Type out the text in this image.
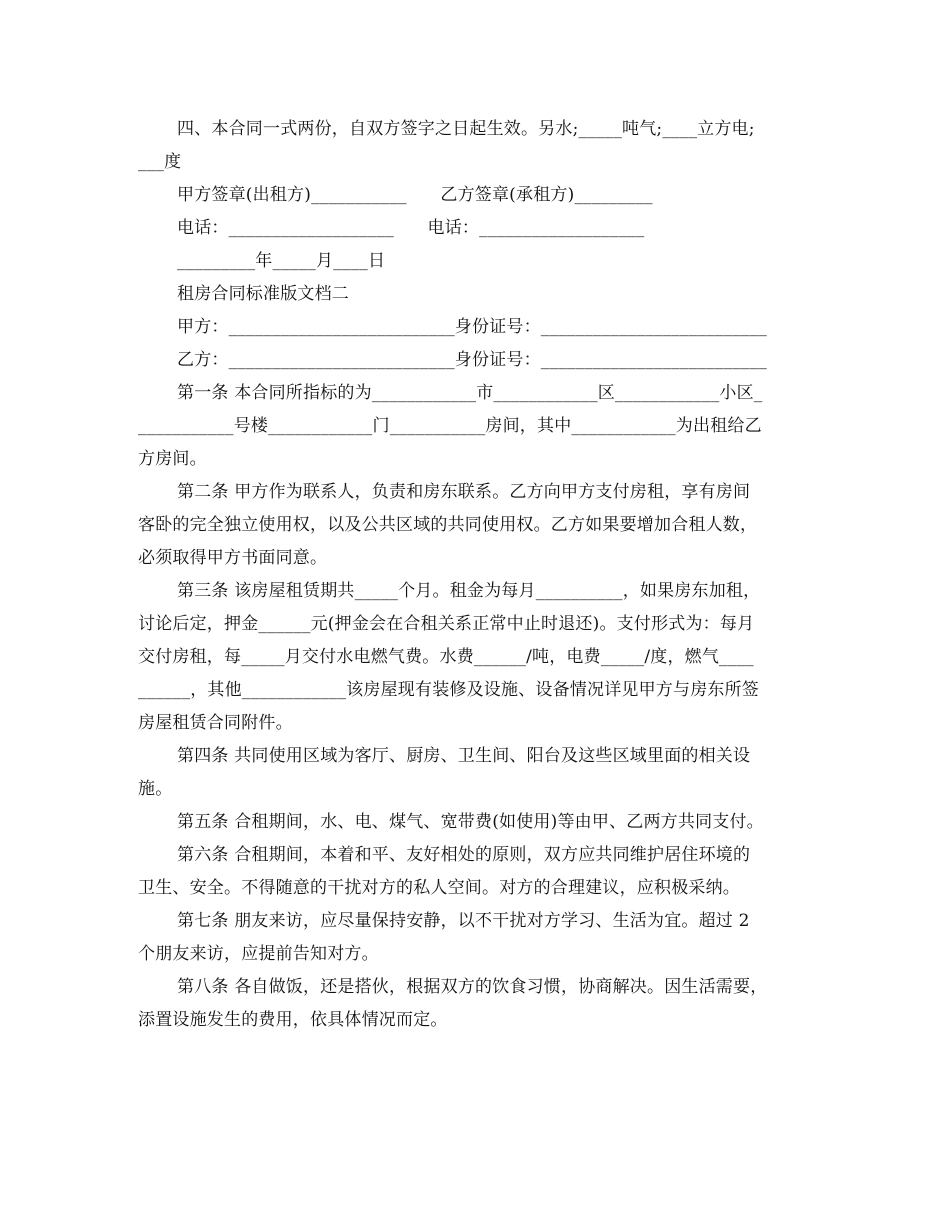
四、本合同一式两份，自双方签字之日起生效。另水;_____吨气;____立方电;
___度
甲方签章(出租方)___________      乙方签章(承租方)_________
电话：___________________      电话：___________________
_________年_____月____日
租房合同标准版文档二
甲方：__________________________身份证号：__________________________
乙方：__________________________身份证号：__________________________
第一条 本合同所指标的为____________市____________区____________小区_
___________号楼____________门___________房间，其中____________为出租给乙
方房间。
第二条 甲方作为联系人，负责和房东联系。乙方向甲方支付房租，享有房间
客卧的完全独立使用权，以及公共区域的共同使用权。乙方如果要增加合租人数，
必须取得甲方书面同意。
第三条 该房屋租赁期共_____个月。租金为每月__________，如果房东加租，
讨论后定，押金______元(押金会在合租关系正常中止时退还)。支付形式为：每月
交付房租，每_____月交付水电燃气费。水费______/吨，电费_____/度，燃气____
______，其他____________该房屋现有装修及设施、设备情况详见甲方与房东所签
房屋租赁合同附件。
第四条 共同使用区域为客厅、厨房、卫生间、阳台及这些区域里面的相关设
施。
第五条 合租期间，水、电、煤气、宽带费(如使用)等由甲、乙两方共同支付。
第六条 合租期间，本着和平、友好相处的原则，双方应共同维护居住环境的
卫生、安全。不得随意的干扰对方的私人空间。对方的合理建议，应积极采纳。
第七条 朋友来访，应尽量保持安静，以不干扰对方学习、生活为宜。超过 2
个朋友来访，应提前告知对方。
第八条 各自做饭，还是搭伙，根据双方的饮食习惯，协商解决。因生活需要，
添置设施发生的费用，依具体情况而定。
